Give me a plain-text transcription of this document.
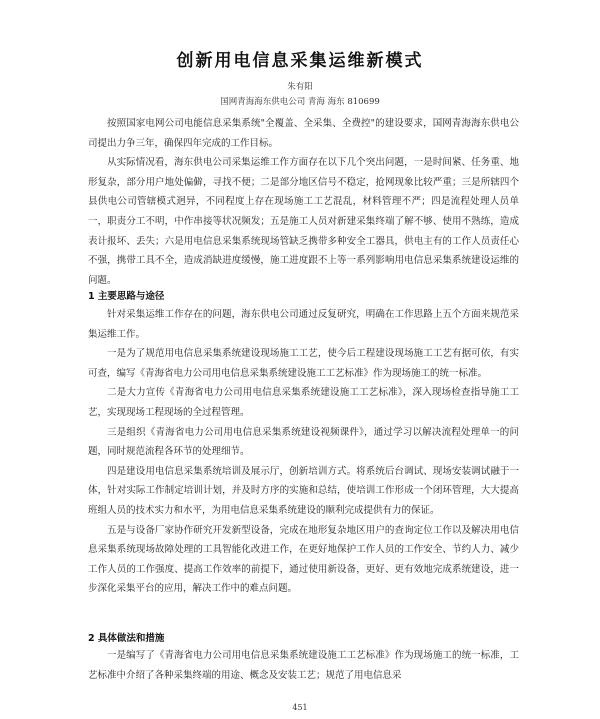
创新用电信息采集运维新模式
朱有阳
国网青海海东供电公司 青海 海东 810699

按照国家电网公司电能信息采集系统"全覆盖、全采集、全费控"的建设要求，国网青海海东供电公司提出力争三年，确保四年完成的工作目标。

从实际情况看，海东供电公司采集运维工作方面存在以下几个突出问题，一是时间紧、任务重、地形复杂，部分用户地处偏僻，寻找不便；二是部分地区信号不稳定，抢网现象比较严重；三是所辖四个县供电公司管辖模式迥异，不同程度上存在现场施工工艺混乱，材料管理不严；四是流程处理人员单一，职责分工不明，中作串接等状况频发；五是施工人员对新建采集终端了解不够、使用不熟练，造成表计报坏、丢失；六是用电信息采集系统现场管缺乏携带多种安全工器具，供电主有的工作人员责任心不强，携带工具不全，造成消缺进度缓慢，施工进度跟不上等一系列影响用电信息采集系统建设运维的问题。

1 主要思路与途径

针对采集运维工作存在的问题，海东供电公司通过反复研究，明确在工作思路上五个方面来规范采集运维工作。

一是为了规范用电信息采集系统建设现场施工工艺，使今后工程建设现场施工工艺有据可依，有实可查，编写《青海省电力公司用电信息采集系统建设施工工艺标准》作为现场施工的统一标准。

二是大力宣传《青海省电力公司用电信息采集系统建设施工工艺标准》，深入现场检查指导施工工艺，实现现场工程现场的全过程管理。

三是组织《青海省电力公司用电信息采集系统建设视频课件》，通过学习以解决流程处理单一的问题，同时规范流程各环节的处理细节。

四是建设用电信息采集系统培训及展示厅，创新培训方式。将系统后台调试、现场安装调试融于一体，针对实际工作制定培训计划，并及时方序的实施和总结，使培训工作形成一个闭环管理，大大提高班组人员的技术实力和水平，为用电信息采集系统建设的顺利完成提供有力的保证。

五是与设备厂家协作研究开发新型设备，完成在地形复杂地区用户的查询定位工作以及解决用电信息采集系统现场故障处理的工具智能化改进工作，在更好地保护工作人员的工作安全、节约人力、减少工作人员的工作强度、提高工作效率的前提下，通过使用新设备，更好、更有效地完成系统建设，进一步深化采集平台的应用，解决工作中的难点问题。

2 具体做法和措施

一是编写了《青海省电力公司用电信息采集系统建设施工工艺标准》作为现场施工的统一标准，工艺标准中介绍了各种采集终端的用途、概念及安装工艺；规范了用电信息采

451
